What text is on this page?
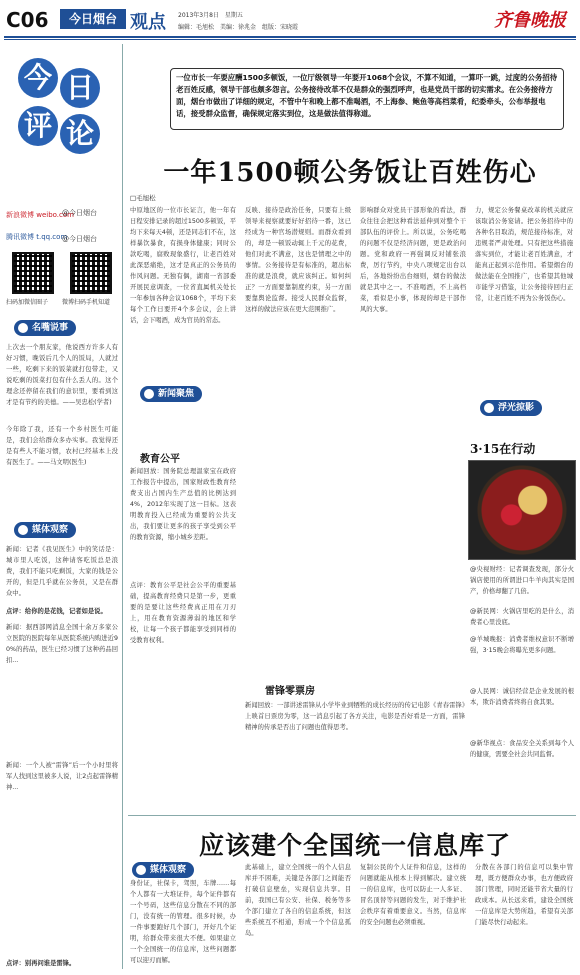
C06	今日烟台 观点 2013年3月8日　星期五
编辑：毛旭松　美编：徐兆金　组版：宋晓霞	齐鲁晚报
今 日
评 论
新浪微博 weibo.com
@今日烟台
腾讯微博 t.qq.com
@今日烟台
扫码加微信圈子 微博扫码手机知道
名嘴说事
上次去一个朋友家，他说西方许多人有好习惯，晚饭后几个人的饭局，人就过一些，吃剩下来的饭菜就打包带走，又说吃剩的饭菜打包有什么丢人的。这个理念还停留在我们的意识里，要看到这才是有节约的美德。——吴忠松(学者)
今年除了我，还有一个乡村医生可能是，我们会给群众多办实事。我觉得还是有些人不能习惯，农村已经基本上没有医生了。——马文明(医生)
媒体观察
新闻：记者《我见医生》中的笑话是：城市里人吃饭，这种请客吃饭总是浪费，我们不能只吃剩饭，大家的钱是公开的，但是几乎就在公务员，又是在群众中。
点评：给你的是花钱，记者如是说。
新闻：据西部网消息全国十余万多家公立医院的医院每年从医院系统内购进近90%的药品，医生已经习惯了这种药品回扣...
新闻：一个人被“雷锋”后一个小时里将军人找到这里被多人说，让2点起雷锋精神...
点评：别再问谁是雷锋。
一位市长一年要应酬1500多顿饭，一位厅级领导一年要开1068个会议，不算不知道，一算吓一跳，过度的公务招待老百姓反感，领导干部也颇多怨言。公务接待改革不仅是群众的强烈呼声，也是党员干部的切实需求。在公务接待方面，烟台市做出了详细的规定，不管中午和晚上都不准喝酒，不上海参、鲍鱼等高档菜肴，纪委牵头，公布举报电话，接受群众监督，确保规定落实到位，这是做法值得称道。
一年1500顿公务饭让百姓伤心
□毛旭松
中原地区的一位市长证言，他一年有日程安排记录的超过1500多顿饭，平均下来每天4顿，还是同志们不在，这样暴饮暴食，有损身体健康；同时公款吃喝，腐败现象盛行，让老百姓对此深恶痛绝，这才是真正的公务员的作风问题。无独有偶，湖南一省部委开展民意调查，一位省直属机关处长一年参加各种会议1068个，平均下来每个工作日要开4个多会议，会上讲话，会下喝酒，成为官员的常态。
反映、接待是政治任务，只要有上级领导来视察就要好好招待一番，这已经成为一种官场潜规则。而群众看到的，却是一顿饭动辄上千元的花费，他们对此不满意，这也是情理之中的事情。公务接待是有标准的，超出标准的就是浪费，就应该纠正。如何纠正？一方面要靠制度约束，另一方面要靠舆论监督。接受人民群众监督，这样的做法应该在更大范围推广。
影响群众对党员干部形象的看法，群众往往会把这种看法延伸到对整个干部队伍的评价上。所以说，公务吃喝的问题不仅是经济问题，更是政治问题。党和政府一再强调反对铺张浪费，厉行节约，中央八项规定出台以后，各地纷纷出台细则，烟台的做法就是其中之一。不准喝酒，不上高档菜，看似是小事，体现的却是干部作风的大事。
力，规定公务餐桌改革的机关就应该取消公务宴请。把公务招待中的各种名目取消，规范接待标准，对违规者严肃处理。只有把这些措施落实到位，才能让老百姓满意，才能真正起到示范作用。希望烟台的做法能在全国推广，也希望其他城市能学习借鉴，让公务接待回归正常，让老百姓不再为公务饭伤心。
新闻聚焦
教育公平
新闻回放：国务院总理温家宝在政府工作报告中提出，国家财政性教育经费支出占国内生产总值的比例达到4%，2012年实现了这一目标。这表明教育投入已经成为重要的公共支出，我们要让更多的孩子享受到公平的教育资源，缩小城乡差距。
点评：教育公平是社会公平的重要基础，提高教育经费只是第一步，更重要的是要让这些经费真正用在刀刃上，用在教育资源薄弱的地区和学校，让每一个孩子都能享受到同样的受教育权利。
雷锋零票房
新闻回放：一部讲述雷锋从小学毕业到牺牲的成长经历的传记电影《青春雷锋》上映首日票房为零，这一消息引起了各方关注，电影是否好看是一方面，雷锋精神的传承是否出了问题也值得思考。
浮光掠影
3·15在行动
@央视财经：记者调查发现，部分火锅店使用的所谓进口牛羊肉其实是国产，价格却翻了几倍。
@新民网：火锅店里吃的是什么，消费者心里没底。
@羊城晚报：消费者维权意识不断增强，3·15晚会将曝光更多问题。
@人民网：诚信经营是企业发展的根本，欺诈消费者终将自食其果。
@新华视点：食品安全关系到每个人的健康，需要全社会共同监督。
应该建个全国统一信息库了
媒体观察
身份证，社保卡，驾照，车牌……每个人都有一大堆证件，每个证件都有一个号码，这些信息分散在不同的部门，没有统一的管理。很多时候，办一件事要跑好几个部门，开好几个证明，给群众带来很大不便。如果建立一个全国统一的信息库，这些问题都可以迎刃而解。
此基础上，建立全国统一的个人信息库并不困难，关键是各部门之间能否打破信息壁垒，实现信息共享。目前，我国已有公安、社保、税务等多个部门建立了各自的信息系统，但这些系统互不相通，形成一个个信息孤岛。
复制公民的个人证件和信息，这样的问题就能从根本上得到解决。建立统一的信息库，也可以防止一人多证、冒名顶替等问题的发生，对于维护社会秩序有着重要意义。当然，信息库的安全问题也必须重视。
分散在各部门的信息可以集中管理，既方便群众办事，也方便政府部门管理，同时还能节省大量的行政成本。从长远来看，建设全国统一信息库是大势所趋，希望有关部门能尽快行动起来。
